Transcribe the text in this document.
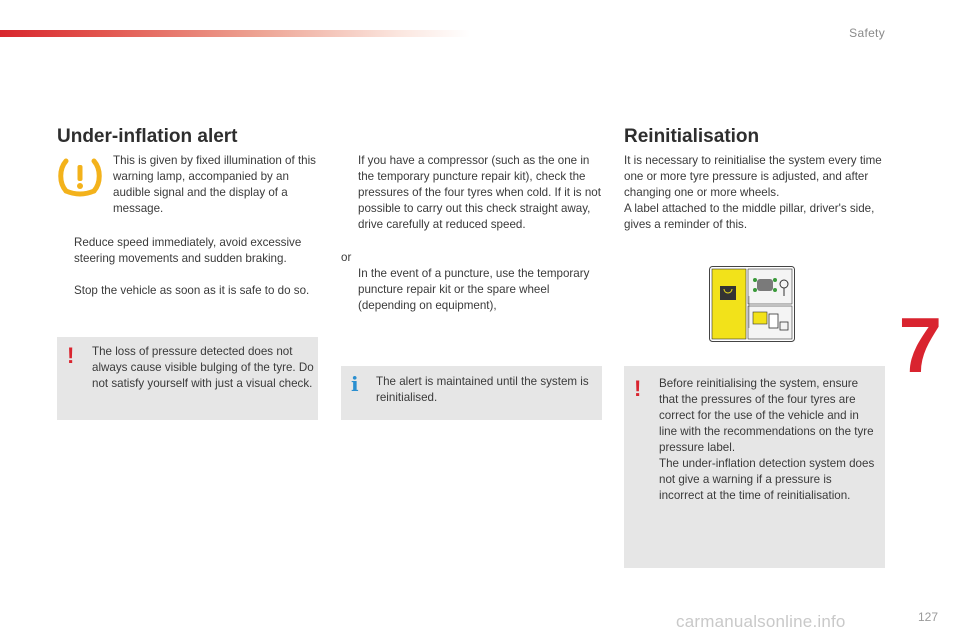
Safety
Under-inflation alert
This is given by fixed illumination of this warning lamp, accompanied by an audible signal and the display of a message.
Reduce speed immediately, avoid excessive steering movements and sudden braking.
Stop the vehicle as soon as it is safe to do so.
! The loss of pressure detected does not always cause visible bulging of the tyre. Do not satisfy yourself with just a visual check.
If you have a compressor (such as the one in the temporary puncture repair kit), check the pressures of the four tyres when cold. If it is not possible to carry out this check straight away, drive carefully at reduced speed.
or
In the event of a puncture, use the temporary puncture repair kit or the spare wheel (depending on equipment),
i The alert is maintained until the system is reinitialised.
Reinitialisation
It is necessary to reinitialise the system every time one or more tyre pressure is adjusted, and after changing one or more wheels.
A label attached to the middle pillar, driver's side, gives a reminder of this.
! Before reinitialising the system, ensure that the pressures of the four tyres are correct for the use of the vehicle and in line with the recommendations on the tyre pressure label.
The under-inflation detection system does not give a warning if a pressure is incorrect at the time of reinitialisation.
7
carmanualsonline.info	127
